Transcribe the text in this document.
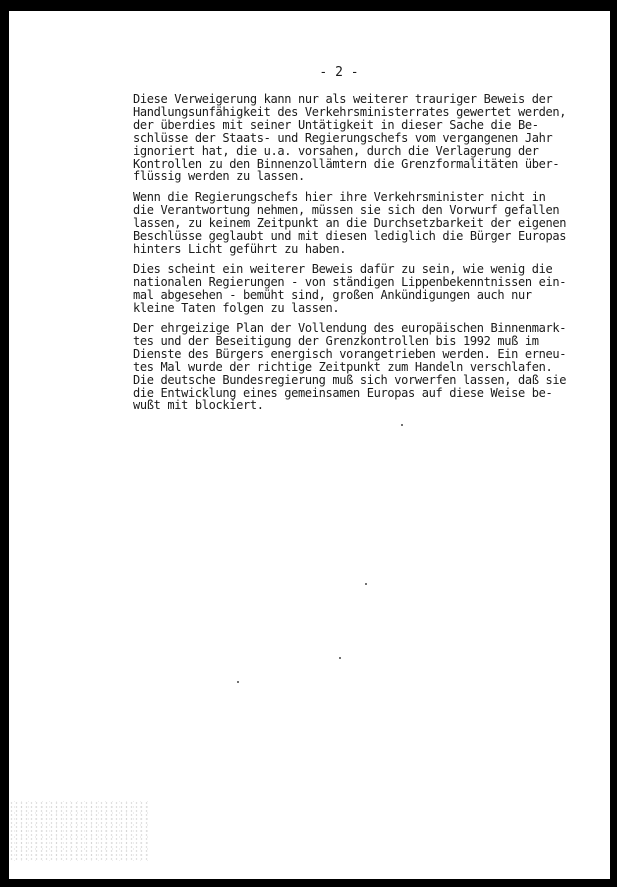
- 2 -

Diese Verweigerung kann nur als weiterer trauriger Beweis der
Handlungsunfähigkeit des Verkehrsministerrates gewertet werden,
der überdies mit seiner Untätigkeit in dieser Sache die Be-
schlüsse der Staats- und Regierungschefs vom vergangenen Jahr
ignoriert hat, die u.a. vorsahen, durch die Verlagerung der
Kontrollen zu den Binnenzollämtern die Grenzformalitäten über-
flüssig werden zu lassen.

Wenn die Regierungschefs hier ihre Verkehrsminister nicht in
die Verantwortung nehmen, müssen sie sich den Vorwurf gefallen
lassen, zu keinem Zeitpunkt an die Durchsetzbarkeit der eigenen
Beschlüsse geglaubt und mit diesen lediglich die Bürger Europas
hinters Licht geführt zu haben.

Dies scheint ein weiterer Beweis dafür zu sein, wie wenig die
nationalen Regierungen - von ständigen Lippenbekenntnissen ein-
mal abgesehen - bemüht sind, großen Ankündigungen auch nur
kleine Taten folgen zu lassen.

Der ehrgeizige Plan der Vollendung des europäischen Binnenmark-
tes und der Beseitigung der Grenzkontrollen bis 1992 muß im
Dienste des Bürgers energisch vorangetrieben werden. Ein erneu-
tes Mal wurde der richtige Zeitpunkt zum Handeln verschlafen.
Die deutsche Bundesregierung muß sich vorwerfen lassen, daß sie
die Entwicklung eines gemeinsamen Europas auf diese Weise be-
wußt mit blockiert.
